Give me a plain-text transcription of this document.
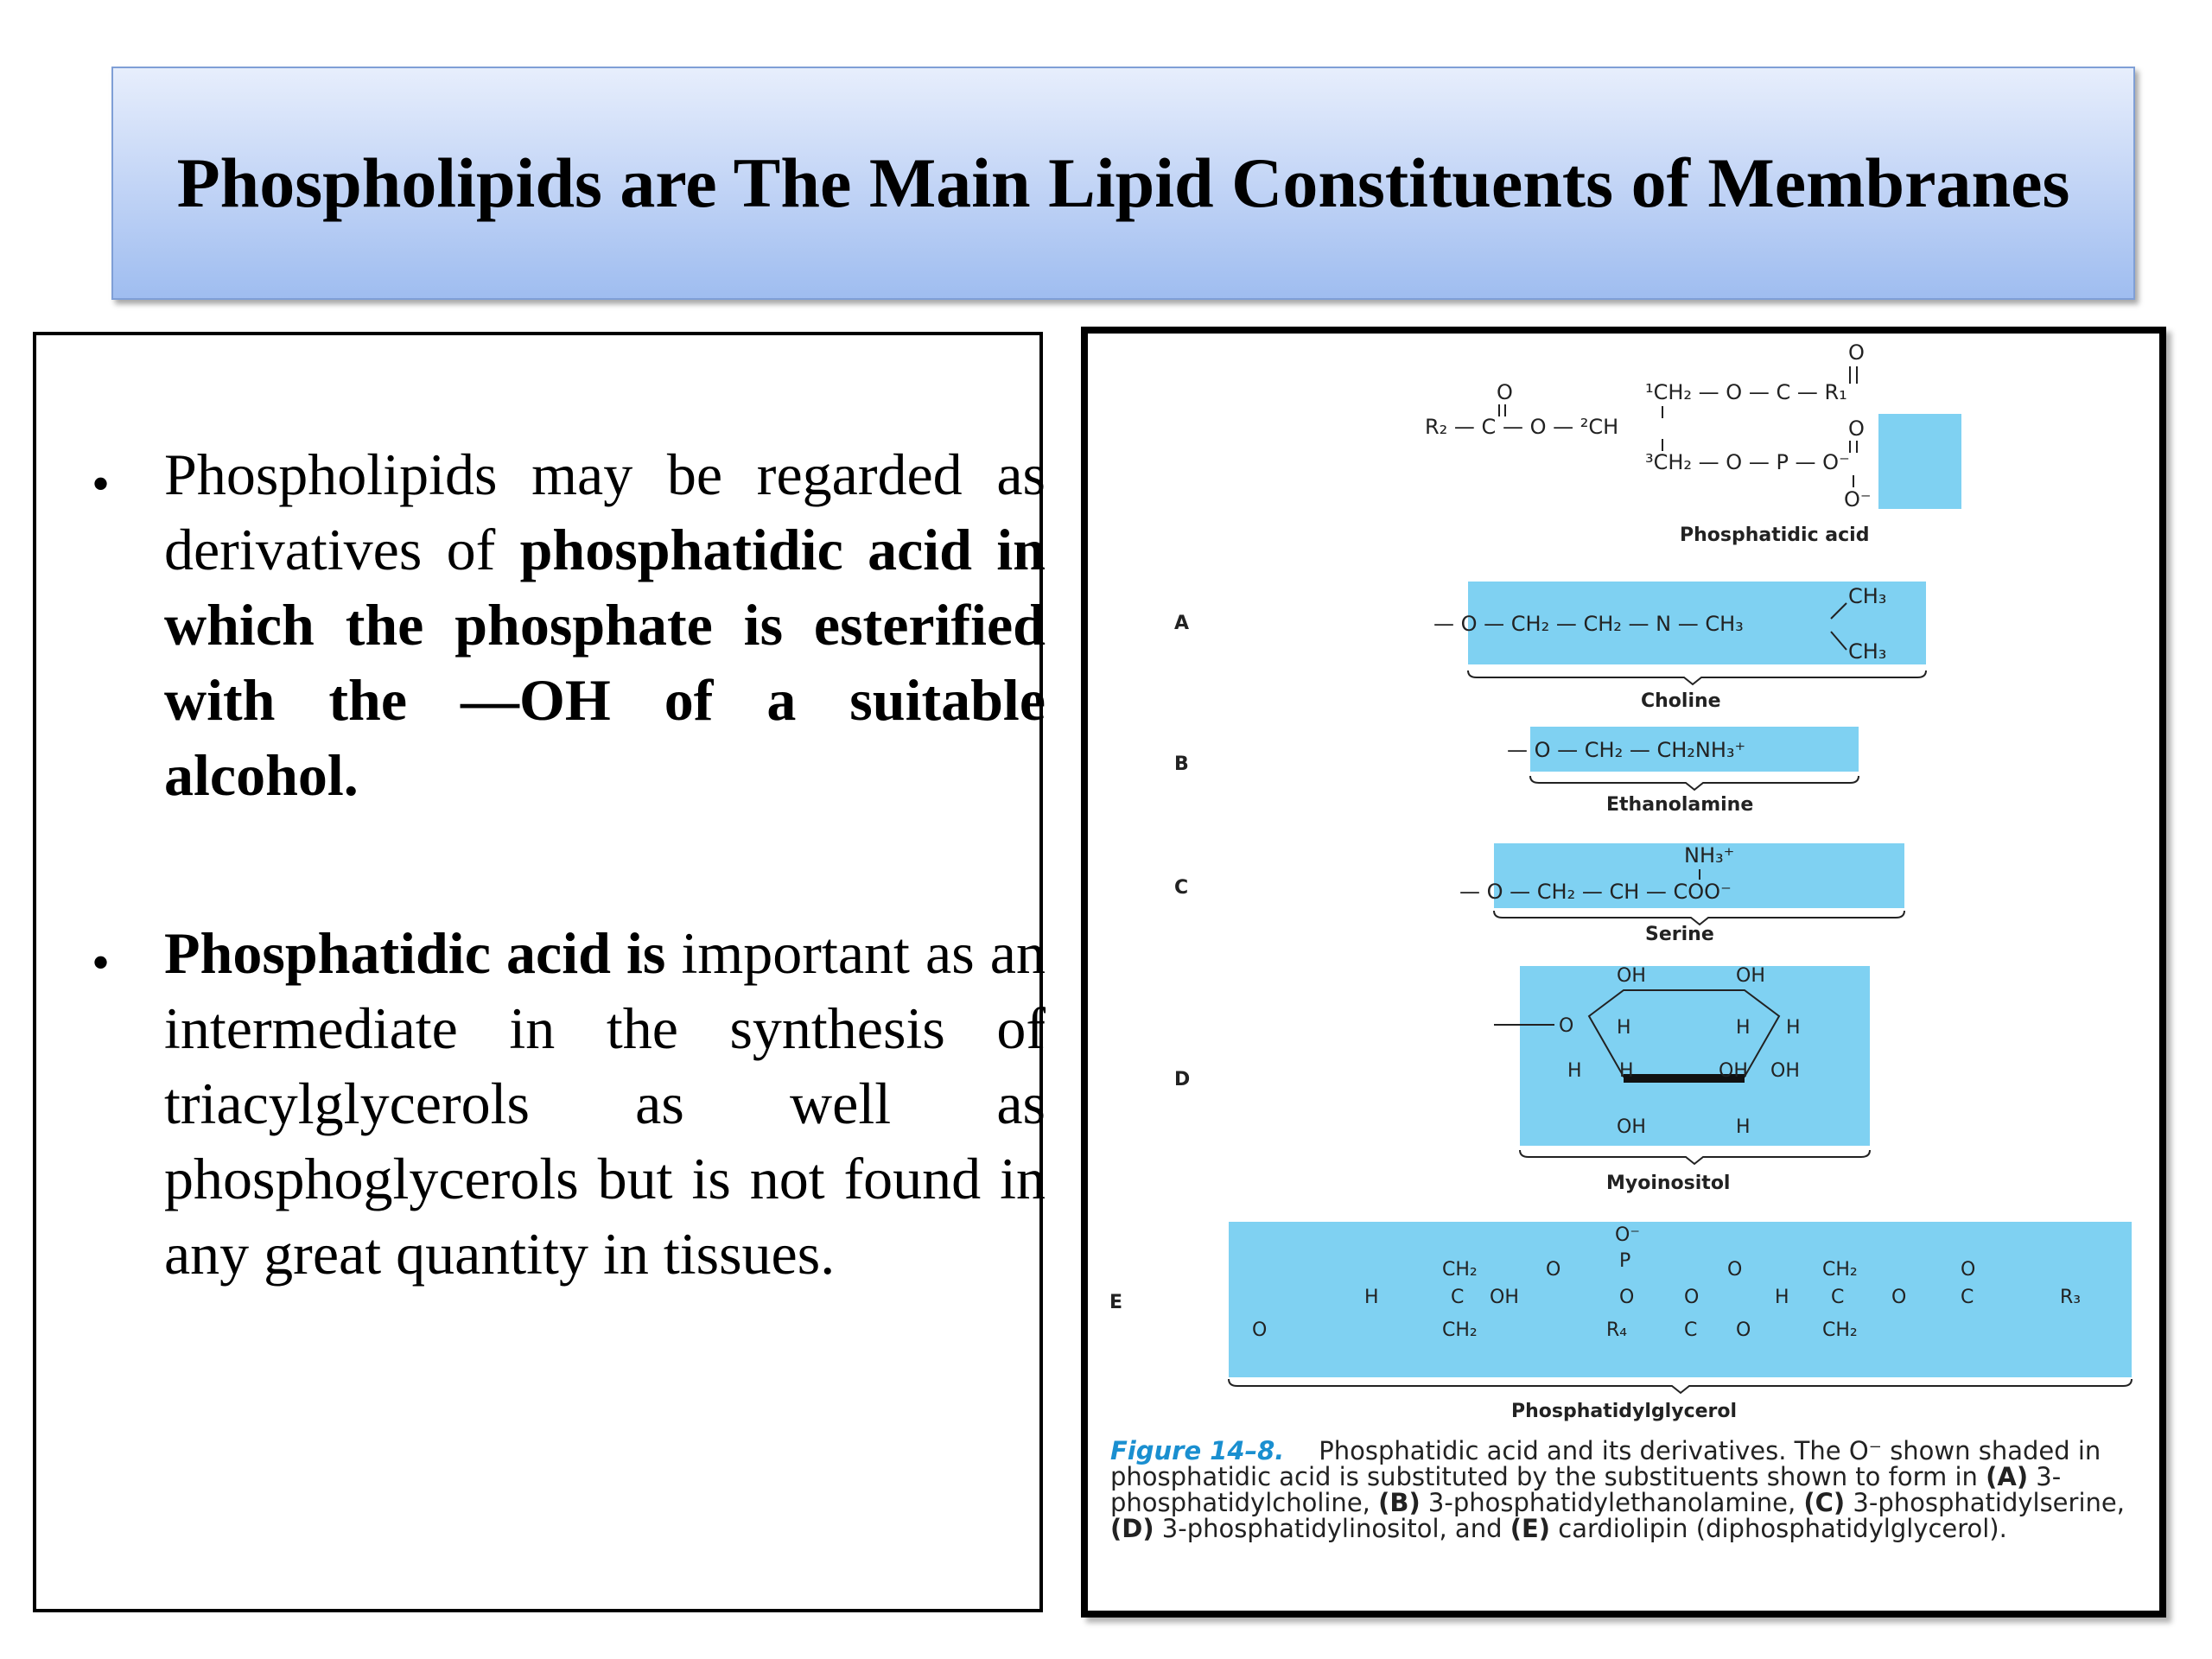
Phospholipids are The Main Lipid Constituents of Membranes
• Phospholipids may be regarded as derivatives of phosphatidic acid in which the phosphate is esterified with the —OH of a suitable alcohol.

• Phosphatidic acid is important as an intermediate in the synthesis of triacylglycerols as well as phosphoglycerols but is not found in any great quantity in tissues.

O
¹CH₂ — O — C — R₁
R₂ — C — O — ²CH
O
³CH₂ — O — P — O⁻
O
O⁻
Phosphatidic acid
A	— O — CH₂ — CH₂ — N — CH₃
CH₃
CH₃
Choline
B
— O — CH₂ — CH₂NH₃⁺
Ethanolamine
C
NH₃⁺
— O — CH₂ — CH — COO⁻
Serine
D
O
OH	OH
H	H H
H H	OH OH
OH	H
Myoinositol
E
O⁻
P
CH₂	O	O	CH₂	O
H	C OH	O	O	H C O	C	R₃
O	CH₂	R₄	C O	CH₂
Phosphatidylglycerol
Figure 14–8. Phosphatidic acid and its derivatives. The O⁻ shown shaded in phosphatidic acid is substituted by the substituents shown to form in (A) 3-phosphatidylcholine, (B) 3-phosphatidylethanolamine, (C) 3-phosphatidylserine, (D) 3-phosphatidylinositol, and (E) cardiolipin (diphosphatidylglycerol).
